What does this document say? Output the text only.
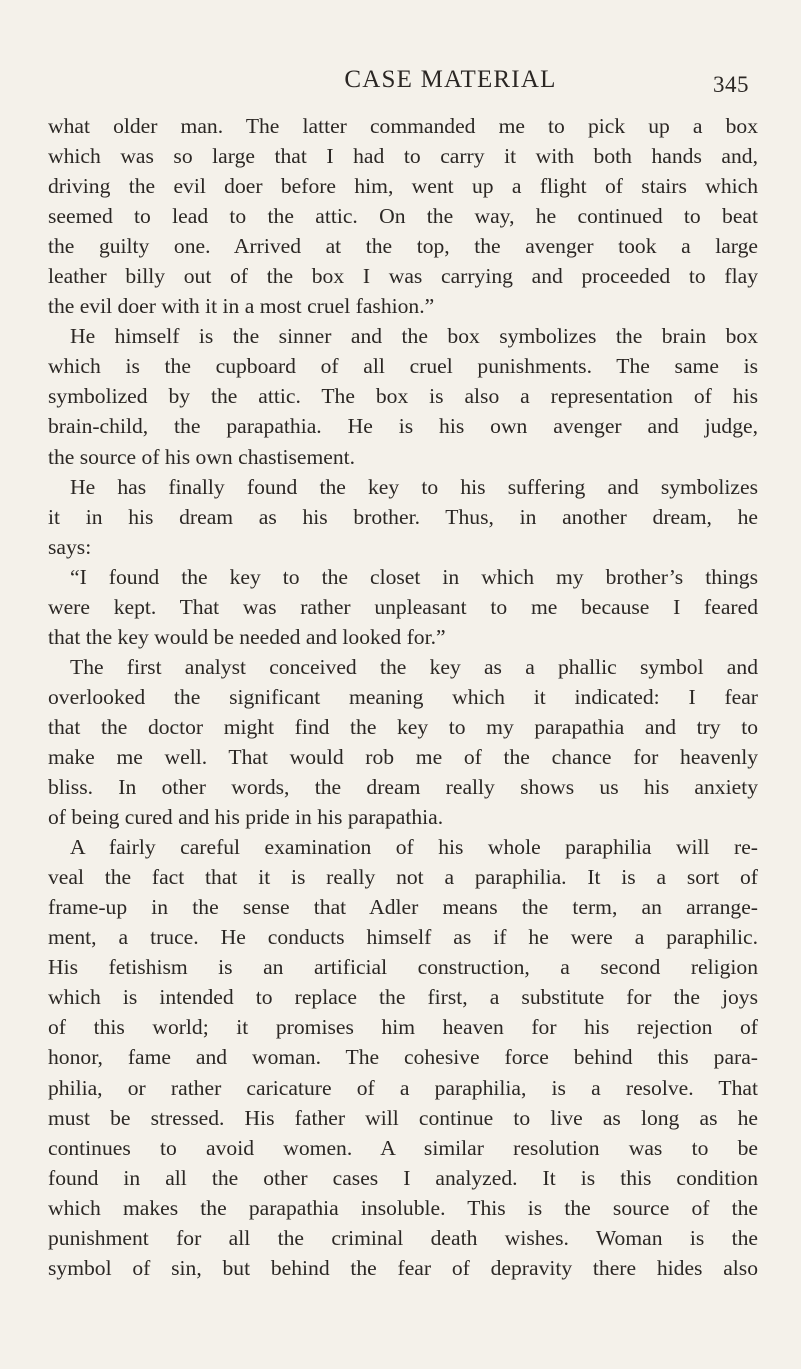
CASE MATERIAL	345
what older man. The latter commanded me to pick up a box
which was so large that I had to carry it with both hands and,
driving the evil doer before him, went up a flight of stairs which
seemed to lead to the attic. On the way, he continued to beat
the guilty one. Arrived at the top, the avenger took a large
leather billy out of the box I was carrying and proceeded to flay
the evil doer with it in a most cruel fashion.”
He himself is the sinner and the box symbolizes the brain box
which is the cupboard of all cruel punishments. The same is
symbolized by the attic. The box is also a representation of his
brain-child, the parapathia. He is his own avenger and judge,
the source of his own chastisement.
He has finally found the key to his suffering and symbolizes
it in his dream as his brother. Thus, in another dream, he
says:
“I found the key to the closet in which my brother’s things
were kept. That was rather unpleasant to me because I feared
that the key would be needed and looked for.”
The first analyst conceived the key as a phallic symbol and
overlooked the significant meaning which it indicated: I fear
that the doctor might find the key to my parapathia and try to
make me well. That would rob me of the chance for heavenly
bliss. In other words, the dream really shows us his anxiety
of being cured and his pride in his parapathia.
A fairly careful examination of his whole paraphilia will re-
veal the fact that it is really not a paraphilia. It is a sort of
frame-up in the sense that Adler means the term, an arrange-
ment, a truce. He conducts himself as if he were a paraphilic.
His fetishism is an artificial construction, a second religion
which is intended to replace the first, a substitute for the joys
of this world; it promises him heaven for his rejection of
honor, fame and woman. The cohesive force behind this para-
philia, or rather caricature of a paraphilia, is a resolve. That
must be stressed. His father will continue to live as long as he
continues to avoid women. A similar resolution was to be
found in all the other cases I analyzed. It is this condition
which makes the parapathia insoluble. This is the source of the
punishment for all the criminal death wishes. Woman is the
symbol of sin, but behind the fear of depravity there hides also
